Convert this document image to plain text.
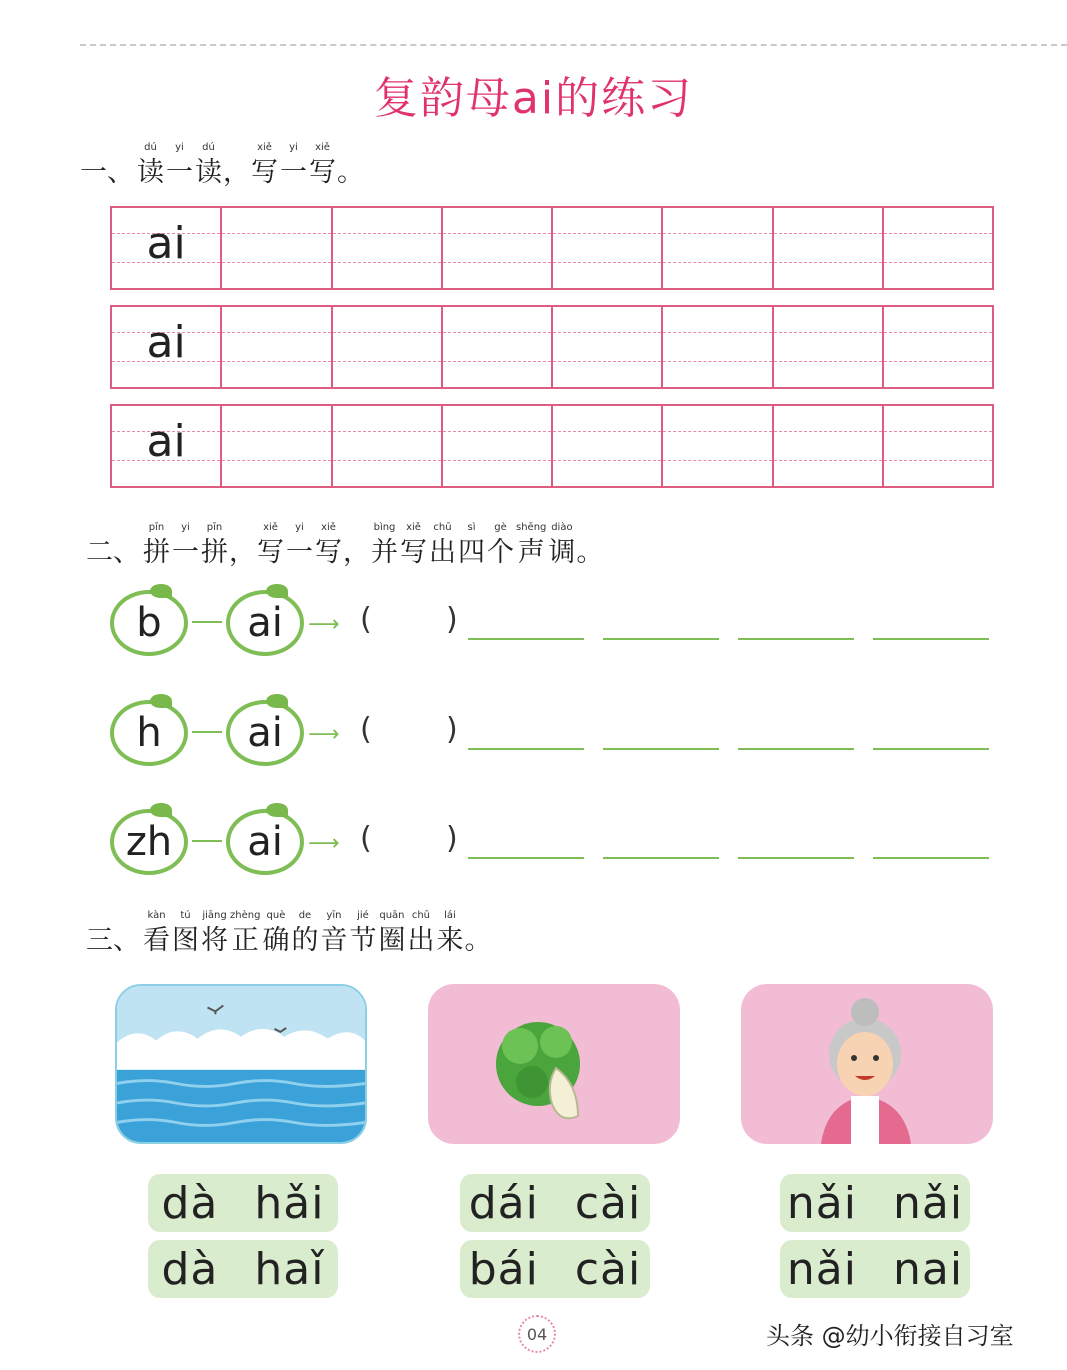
复韵母ai的练习
一、
dú
读
yi
一
dú
读 ，
xiě
写
yi
一
xiě
写 。
ai
ai
ai
二、
pīn
拼
yi
一
pīn
拼 ，
xiě
写
yi
一
xiě
写 ，
bìng
并
xiě
写
chū
出
sì
四
gè
个
shēng
声
diào
调 。
b ai ⟶ ( )
h ai ⟶ ( )
zh ai ⟶ ( )
三、
kàn
看
tú
图
jiāng
将
zhèng
正
què
确
de
的
yīn
音
jié
节
quān
圈
chū
出
lái
来 。
dà hǎi
dà haǐ
dái cài
bái cài
nǎi nǎi
nǎi nai
04	头条 @幼小衔接自习室
